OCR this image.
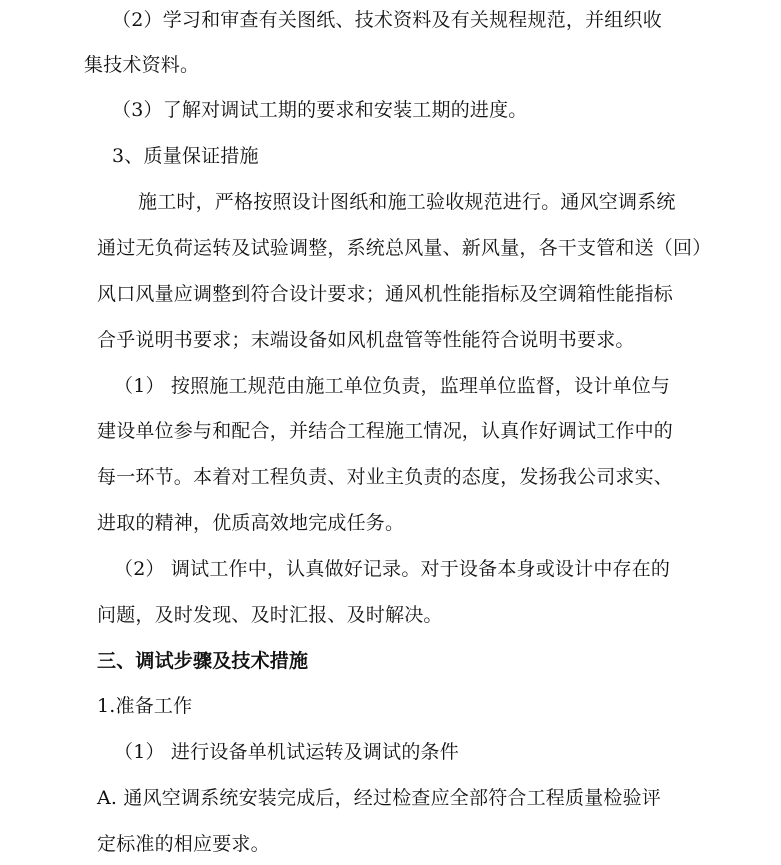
（2）学习和审查有关图纸、技术资料及有关规程规范，并组织收
集技术资料。
（3）了解对调试工期的要求和安装工期的进度。
3、质量保证措施
施工时，严格按照设计图纸和施工验收规范进行。通风空调系统
通过无负荷运转及试验调整，系统总风量、新风量，各干支管和送（回）
风口风量应调整到符合设计要求；通风机性能指标及空调箱性能指标
合乎说明书要求；末端设备如风机盘管等性能符合说明书要求。
（1） 按照施工规范由施工单位负责，监理单位监督，设计单位与
建设单位参与和配合，并结合工程施工情况，认真作好调试工作中的
每一环节。本着对工程负责、对业主负责的态度，发扬我公司求实、
进取的精神，优质高效地完成任务。
（2） 调试工作中，认真做好记录。对于设备本身或设计中存在的
问题，及时发现、及时汇报、及时解决。
三、调试步骤及技术措施
1.准备工作
（1） 进行设备单机试运转及调试的条件
A. 通风空调系统安装完成后，经过检查应全部符合工程质量检验评
定标准的相应要求。
